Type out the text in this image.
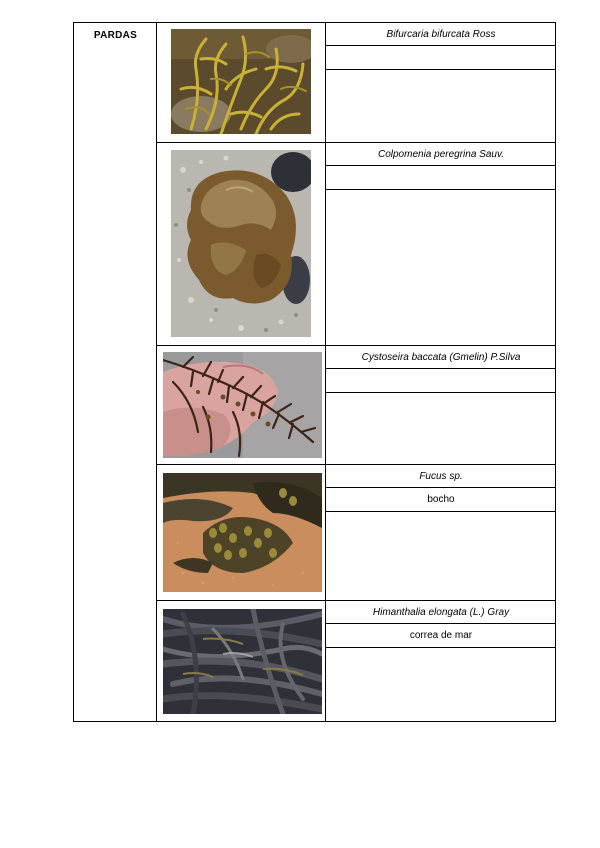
PARDAS	Bifurcaria bifurcata Ross
Colpomenia peregrina Sauv.
Cystoseira baccata (Gmelin) P.Silva
Fucus sp.
bocho
Himanthalia elongata (L.) Gray
correa de mar
